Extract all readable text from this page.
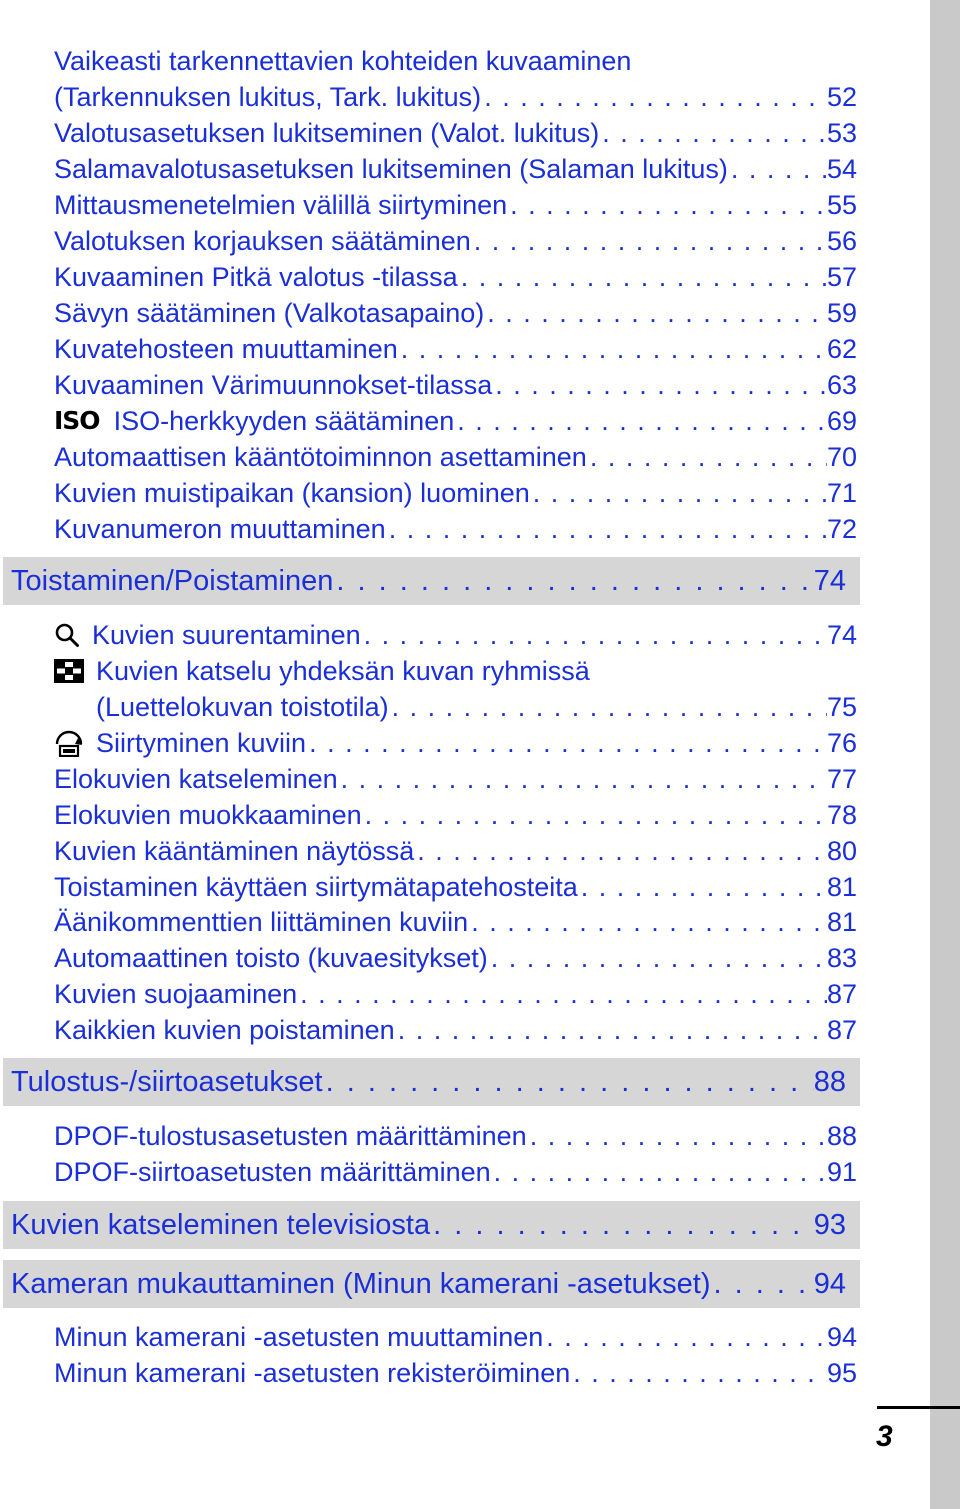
Vaikeasti tarkennettavien kohteiden kuvaaminen
(Tarkennuksen lukitus, Tark. lukitus) . . .	52
Valotusasetuksen lukitseminen (Valot. lukitus) . . .	53
Salamavalotusasetuksen lukitseminen (Salaman lukitus) . . .	54
Mittausmenetelmien välillä siirtyminen . . .	55
Valotuksen korjauksen säätäminen . . .	56
Kuvaaminen Pitkä valotus -tilassa . . .	57
Sävyn säätäminen (Valkotasapaino) . . .	59
Kuvatehosteen muuttaminen . . .	62
Kuvaaminen Värimuunnokset-tilassa . . .	63
ISO ISO-herkkyyden säätäminen . . .	69
Automaattisen kääntötoiminnon asettaminen . . .	70
Kuvien muistipaikan (kansion) luominen . . .	71
Kuvanumeron muuttaminen . . .	72
Toistaminen/Poistaminen . . .	74
Kuvien suurentaminen . . .	74
Kuvien katselu yhdeksän kuvan ryhmissä
(Luettelokuvan toistotila) . . .	75
Siirtyminen kuviin . . .	76
Elokuvien katseleminen . . .	77
Elokuvien muokkaaminen . . .	78
Kuvien kääntäminen näytössä . . .	80
Toistaminen käyttäen siirtymätapatehosteita . . .	81
Äänikommenttien liittäminen kuviin . . .	81
Automaattinen toisto (kuvaesitykset) . . .	83
Kuvien suojaaminen . . .	87
Kaikkien kuvien poistaminen . . .	87
Tulostus-/siirtoasetukset . . .	88
DPOF-tulostusasetusten määrittäminen . . .	88
DPOF-siirtoasetusten määrittäminen . . .	91
Kuvien katseleminen televisiosta . . .	93
Kameran mukauttaminen (Minun kamerani -asetukset) . . .	94
Minun kamerani -asetusten muuttaminen . . .	94
Minun kamerani -asetusten rekisteröiminen . . .	95
3
